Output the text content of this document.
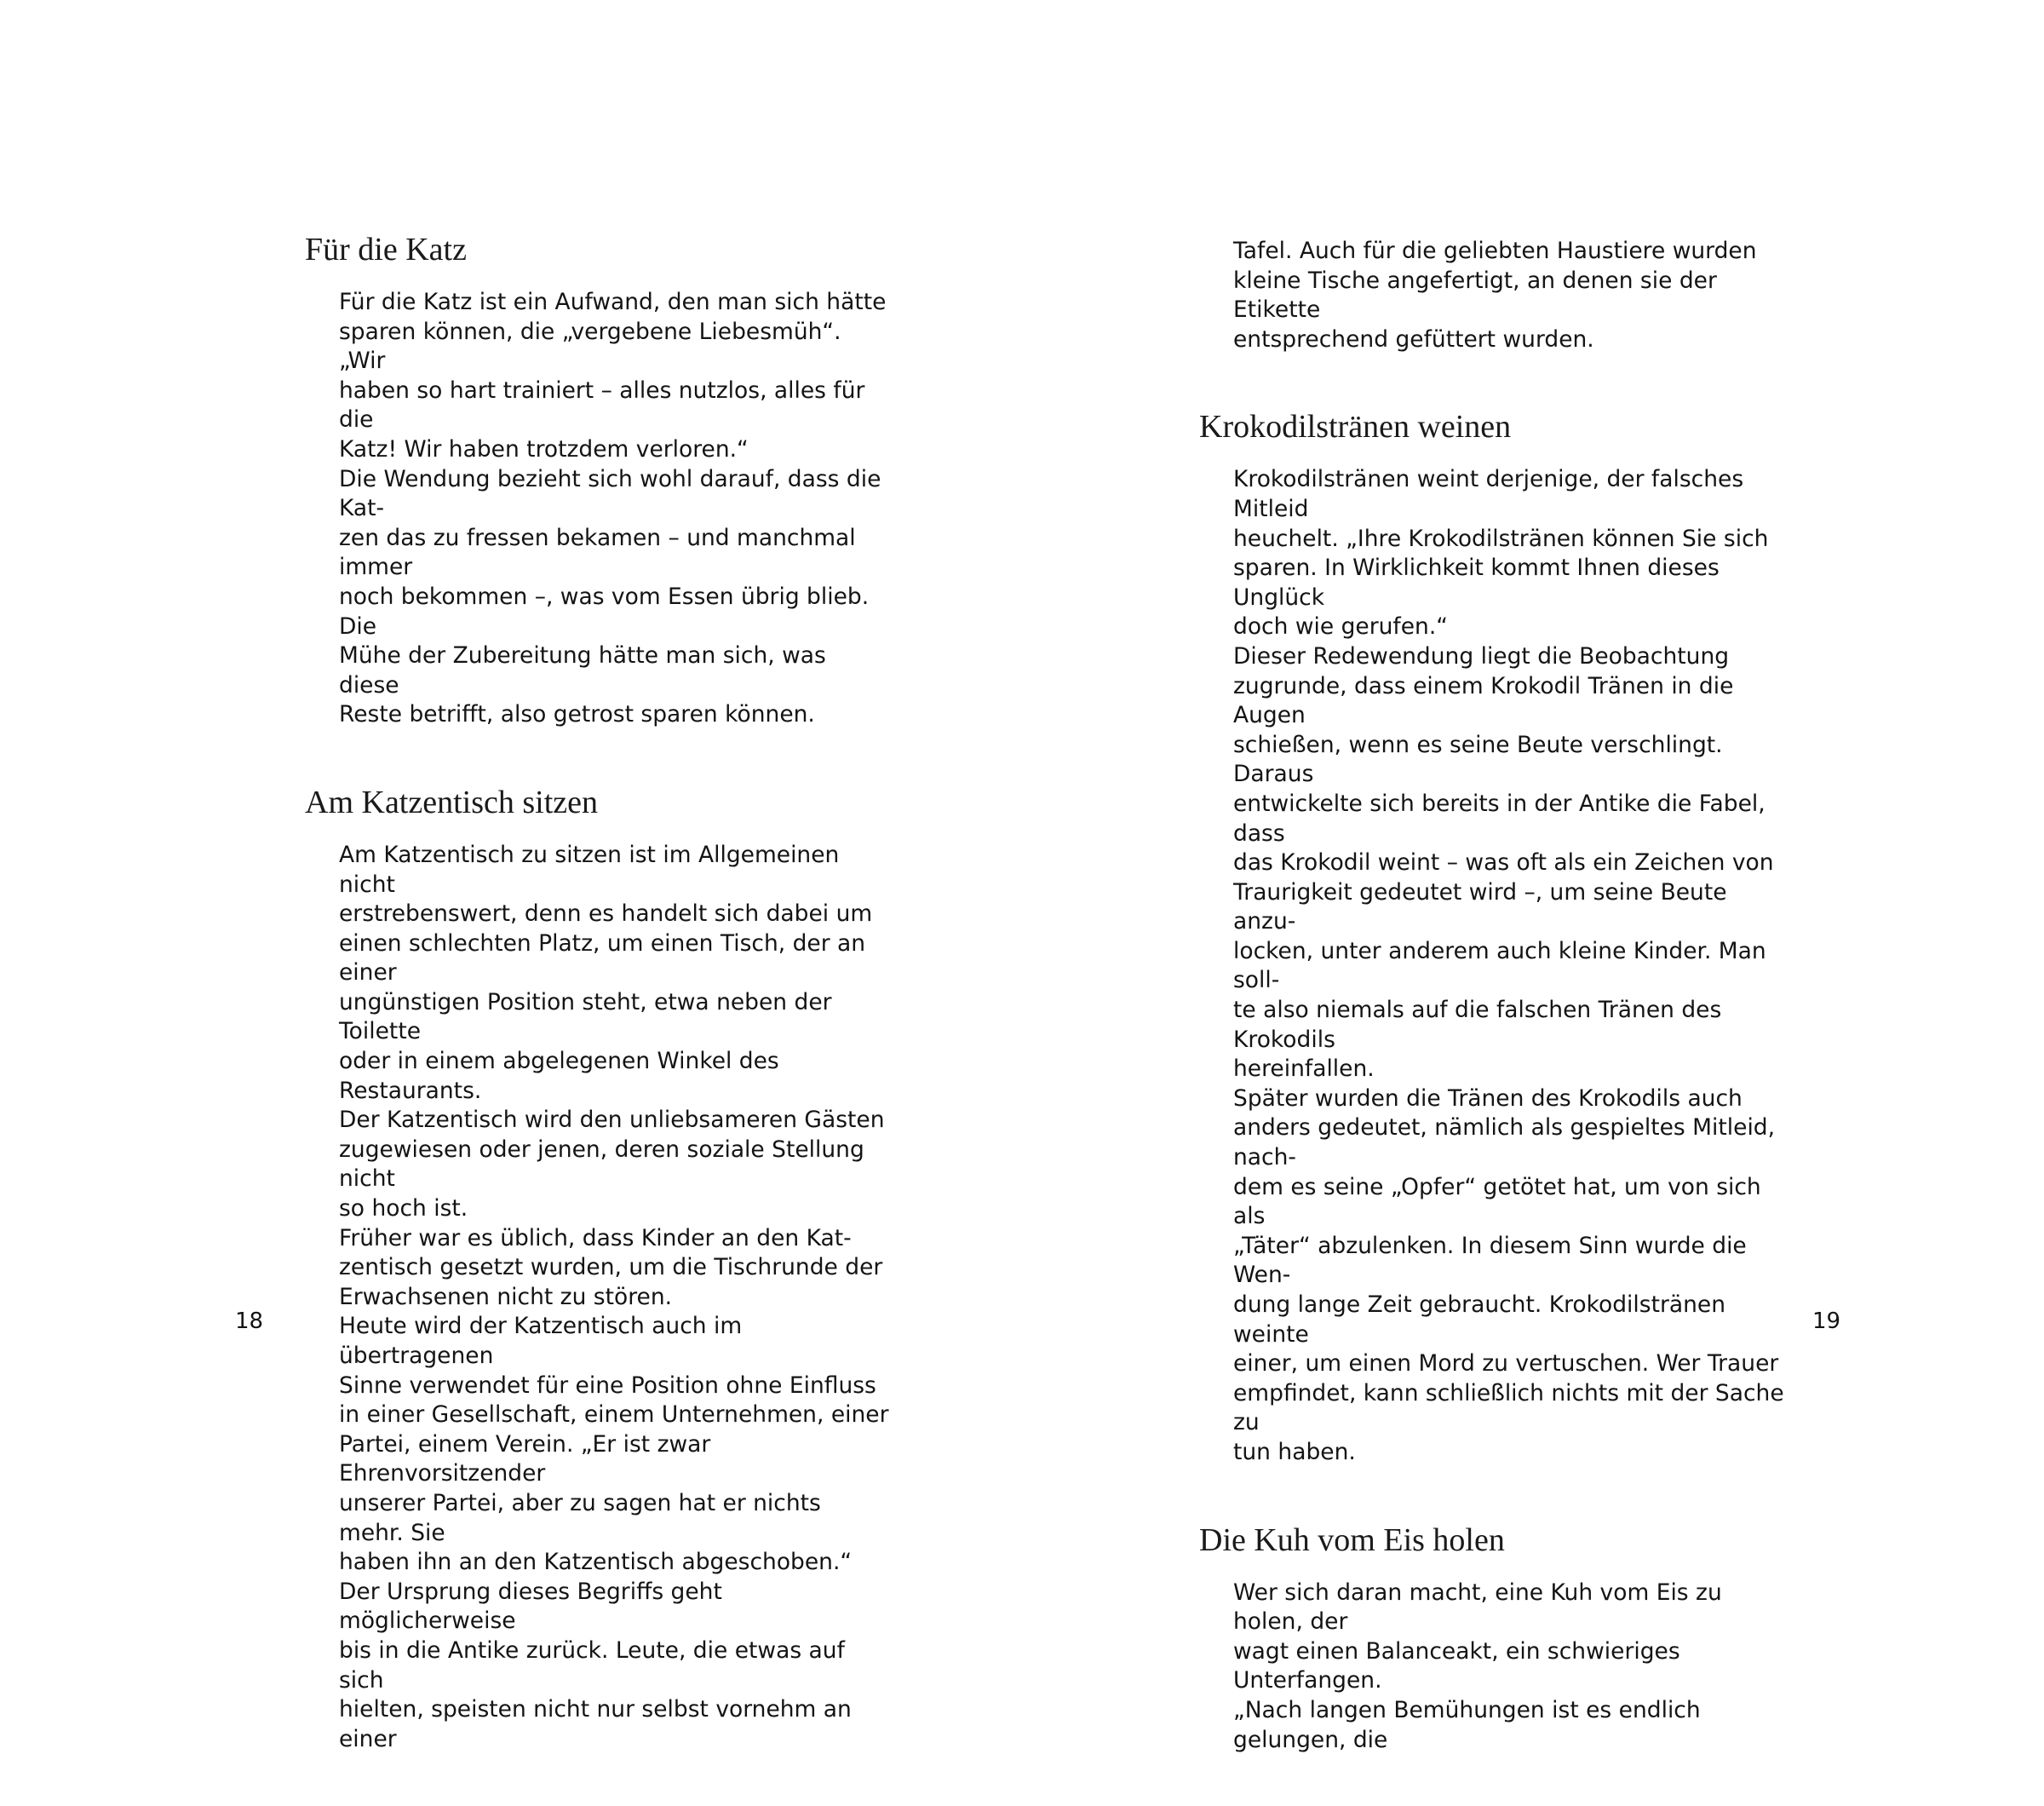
Für die Katz

Für die Katz ist ein Aufwand, den man sich hätte
sparen können, die „vergebene Liebesmüh“. „Wir
haben so hart trainiert – alles nutzlos, alles für die
Katz! Wir haben trotzdem verloren.“

Die Wendung bezieht sich wohl darauf, dass die Kat-
zen das zu fressen bekamen – und manchmal immer
noch bekommen –, was vom Essen übrig blieb. Die
Mühe der Zubereitung hätte man sich, was diese
Reste betrifft, also getrost sparen können.

Am Katzentisch sitzen

Am Katzentisch zu sitzen ist im Allgemeinen nicht
erstrebenswert, denn es handelt sich dabei um
einen schlechten Platz, um einen Tisch, der an einer
ungünstigen Position steht, etwa neben der Toilette
oder in einem abgelegenen Winkel des Restaurants.

Der Katzentisch wird den unliebsameren Gästen
zugewiesen oder jenen, deren soziale Stellung nicht
so hoch ist.

Früher war es üblich, dass Kinder an den Kat-
zentisch gesetzt wurden, um die Tischrunde der
Erwachsenen nicht zu stören.

Heute wird der Katzentisch auch im übertragenen
Sinne verwendet für eine Position ohne Einfluss
in einer Gesellschaft, einem Unternehmen, einer
Partei, einem Verein. „Er ist zwar Ehrenvorsitzender
unserer Partei, aber zu sagen hat er nichts mehr. Sie
haben ihn an den Katzentisch abgeschoben.“

Der Ursprung dieses Begriffs geht möglicherweise
bis in die Antike zurück. Leute, die etwas auf sich
hielten, speisten nicht nur selbst vornehm an einer

18

Tafel. Auch für die geliebten Haustiere wurden
kleine Tische angefertigt, an denen sie der Etikette
entsprechend gefüttert wurden.

Krokodilstränen weinen

Krokodilstränen weint derjenige, der falsches Mitleid
heuchelt. „Ihre Krokodilstränen können Sie sich
sparen. In Wirklichkeit kommt Ihnen dieses Unglück
doch wie gerufen.“

Dieser Redewendung liegt die Beobachtung
zugrunde, dass einem Krokodil Tränen in die Augen
schießen, wenn es seine Beute verschlingt. Daraus
entwickelte sich bereits in der Antike die Fabel, dass
das Krokodil weint – was oft als ein Zeichen von
Traurigkeit gedeutet wird –, um seine Beute anzu-
locken, unter anderem auch kleine Kinder. Man soll-
te also niemals auf die falschen Tränen des Krokodils
hereinfallen.

Später wurden die Tränen des Krokodils auch
anders gedeutet, nämlich als gespieltes Mitleid, nach-
dem es seine „Opfer“ getötet hat, um von sich als
„Täter“ abzulenken. In diesem Sinn wurde die Wen-
dung lange Zeit gebraucht. Krokodilstränen weinte
einer, um einen Mord zu vertuschen. Wer Trauer
empfindet, kann schließlich nichts mit der Sache zu
tun haben.

Die Kuh vom Eis holen

Wer sich daran macht, eine Kuh vom Eis zu holen, der
wagt einen Balanceakt, ein schwieriges Unterfangen.
„Nach langen Bemühungen ist es endlich gelungen, die

19
